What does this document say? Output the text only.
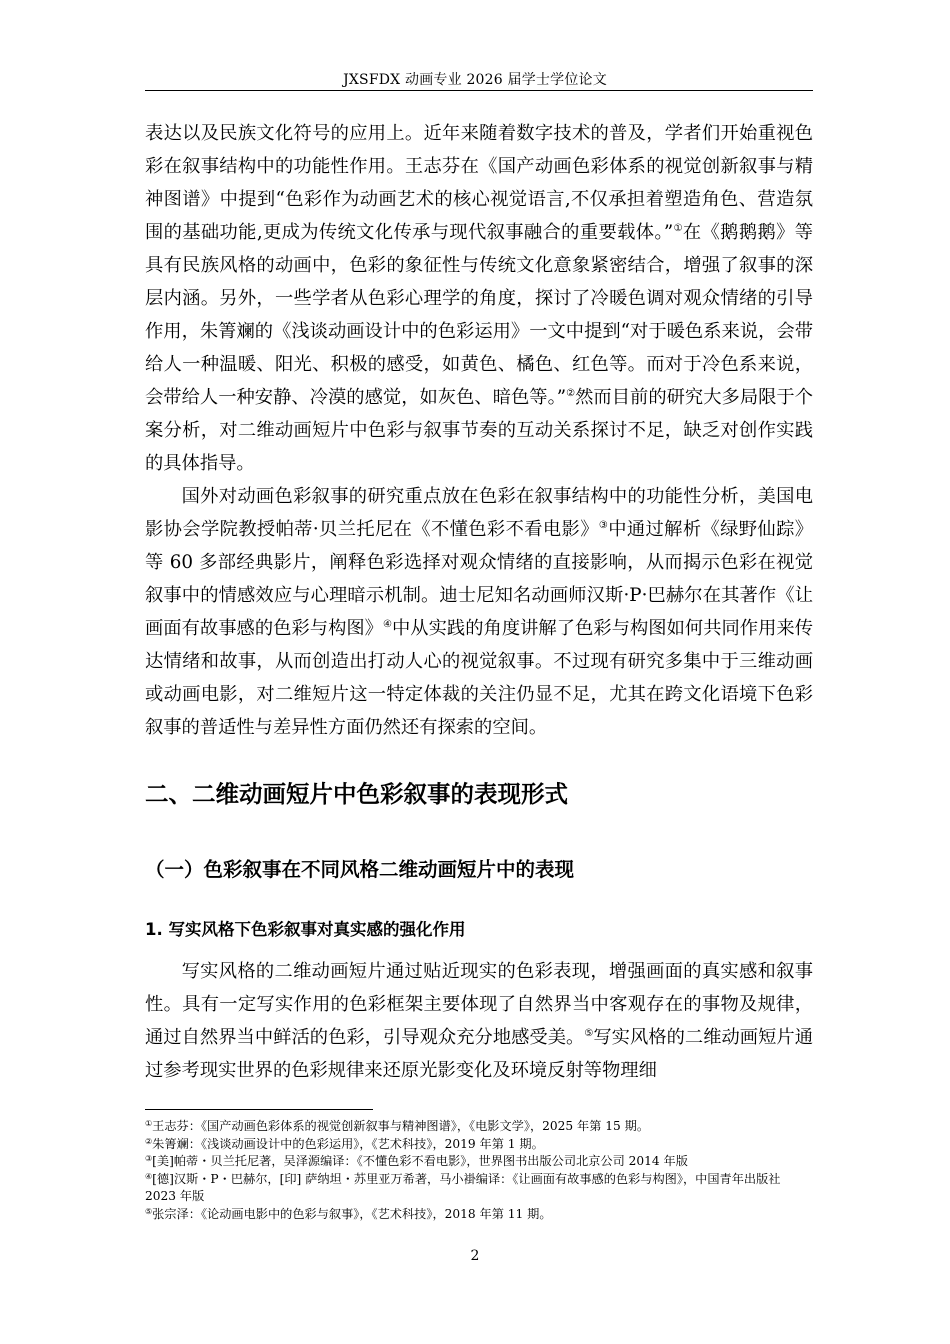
JXSFDX 动画专业 2026 届学士学位论文

表达以及民族文化符号的应用上。近年来随着数字技术的普及，学者们开始重视色彩在叙事结构中的功能性作用。王志芬在《国产动画色彩体系的视觉创新叙事与精神图谱》中提到“色彩作为动画艺术的核心视觉语言,不仅承担着塑造角色、营造氛围的基础功能,更成为传统文化传承与现代叙事融合的重要载体。”①在《鹅鹅鹅》等具有民族风格的动画中，色彩的象征性与传统文化意象紧密结合，增强了叙事的深层内涵。另外，一些学者从色彩心理学的角度，探讨了冷暖色调对观众情绪的引导作用，朱箐斓的《浅谈动画设计中的色彩运用》一文中提到“对于暖色系来说，会带给人一种温暖、阳光、积极的感受，如黄色、橘色、红色等。而对于冷色系来说，会带给人一种安静、冷漠的感觉，如灰色、暗色等。”②然而目前的研究大多局限于个案分析，对二维动画短片中色彩与叙事节奏的互动关系探讨不足，缺乏对创作实践的具体指导。

国外对动画色彩叙事的研究重点放在色彩在叙事结构中的功能性分析，美国电影协会学院教授帕蒂·贝兰托尼在《不懂色彩不看电影》③中通过解析《绿野仙踪》等 60 多部经典影片，阐释色彩选择对观众情绪的直接影响，从而揭示色彩在视觉叙事中的情感效应与心理暗示机制。迪士尼知名动画师汉斯·P·巴赫尔在其著作《让画面有故事感的色彩与构图》④中从实践的角度讲解了色彩与构图如何共同作用来传达情绪和故事，从而创造出打动人心的视觉叙事。不过现有研究多集中于三维动画或动画电影，对二维短片这一特定体裁的关注仍显不足，尤其在跨文化语境下色彩叙事的普适性与差异性方面仍然还有探索的空间。

二、二维动画短片中色彩叙事的表现形式
（一）色彩叙事在不同风格二维动画短片中的表现
1. 写实风格下色彩叙事对真实感的强化作用

写实风格的二维动画短片通过贴近现实的色彩表现，增强画面的真实感和叙事性。具有一定写实作用的色彩框架主要体现了自然界当中客观存在的事物及规律，通过自然界当中鲜活的色彩，引导观众充分地感受美。⑤写实风格的二维动画短片通过参考现实世界的色彩规律来还原光影变化及环境反射等物理细

①王志芬：《国产动画色彩体系的视觉创新叙事与精神图谱》，《电影文学》，2025 年第 15 期。

②朱箐斓：《浅谈动画设计中的色彩运用》，《艺术科技》，2019 年第 1 期。

③[美]帕蒂・贝兰托尼著，吴泽源编译：《不懂色彩不看电影》，世界图书出版公司北京公司 2014 年版

④[德]汉斯・P・巴赫尔，[印] 萨纳坦・苏里亚万希著，马小褂编译：《让画面有故事感的色彩与构图》，中国青年出版社 2023 年版

⑤张宗泽：《论动画电影中的色彩与叙事》，《艺术科技》，2018 年第 11 期。

2
